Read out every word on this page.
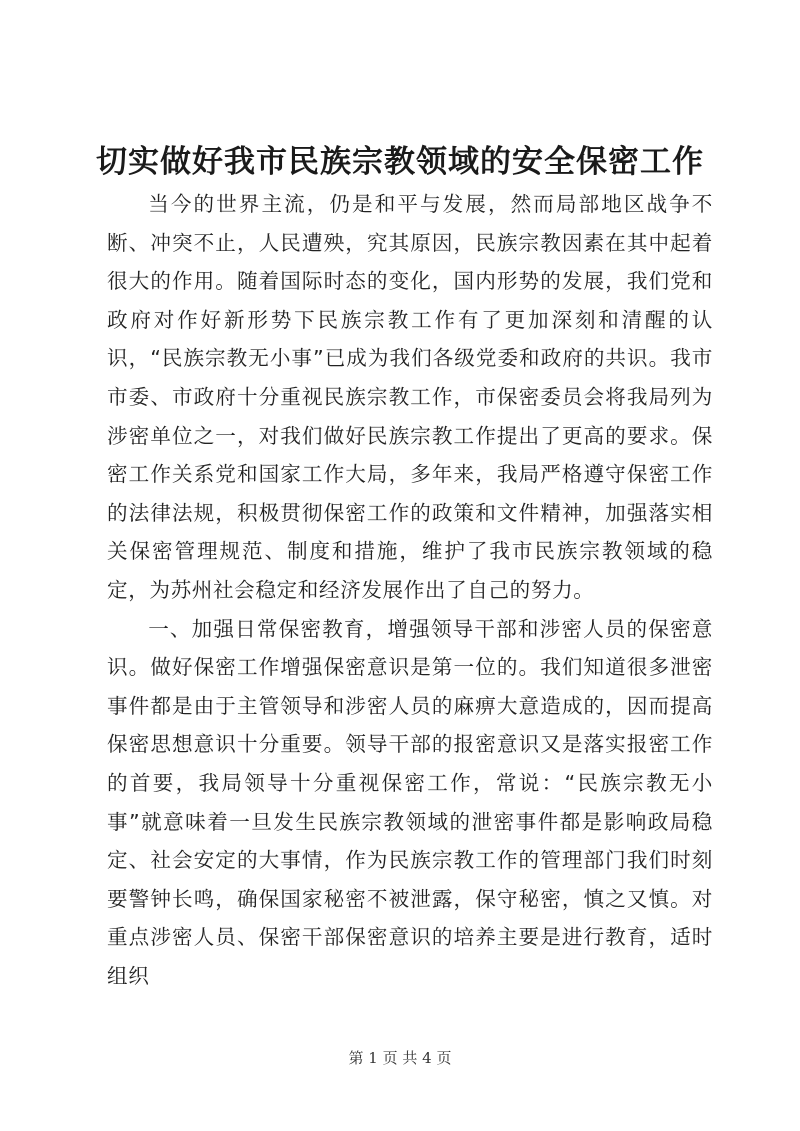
切实做好我市民族宗教领域的安全保密工作

当今的世界主流，仍是和平与发展，然而局部地区战争不断、冲突不止，人民遭殃，究其原因，民族宗教因素在其中起着很大的作用。随着国际时态的变化，国内形势的发展，我们党和政府对作好新形势下民族宗教工作有了更加深刻和清醒的认识，“民族宗教无小事”已成为我们各级党委和政府的共识。我市市委、市政府十分重视民族宗教工作，市保密委员会将我局列为涉密单位之一，对我们做好民族宗教工作提出了更高的要求。保密工作关系党和国家工作大局，多年来，我局严格遵守保密工作的法律法规，积极贯彻保密工作的政策和文件精神，加强落实相关保密管理规范、制度和措施，维护了我市民族宗教领域的稳定，为苏州社会稳定和经济发展作出了自己的努力。

一、加强日常保密教育，增强领导干部和涉密人员的保密意识。做好保密工作增强保密意识是第一位的。我们知道很多泄密事件都是由于主管领导和涉密人员的麻痹大意造成的，因而提高保密思想意识十分重要。领导干部的报密意识又是落实报密工作的首要，我局领导十分重视保密工作，常说：“民族宗教无小事”就意味着一旦发生民族宗教领域的泄密事件都是影响政局稳定、社会安定的大事情，作为民族宗教工作的管理部门我们时刻要警钟长鸣，确保国家秘密不被泄露，保守秘密，慎之又慎。对重点涉密人员、保密干部保密意识的培养主要是进行教育，适时组织

第 1 页 共 4 页
